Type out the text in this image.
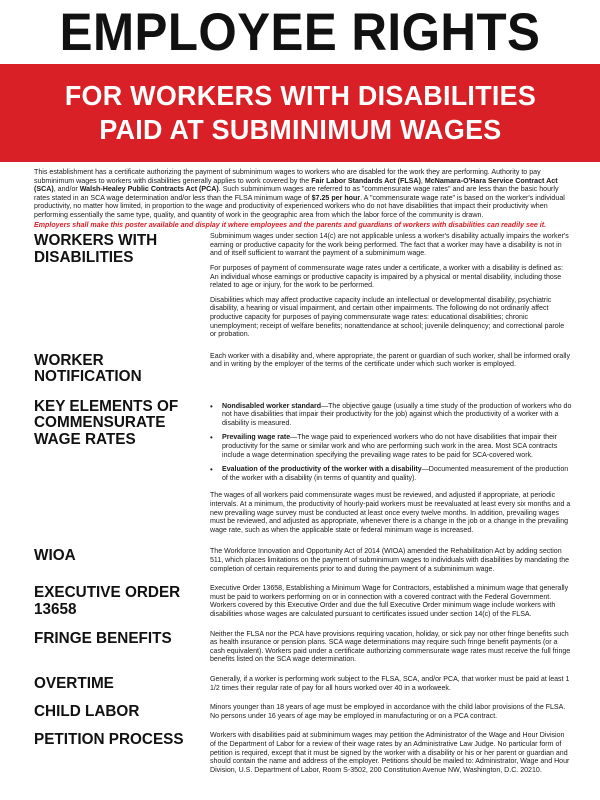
EMPLOYEE RIGHTS
FOR WORKERS WITH DISABILITIES
PAID AT SUBMINIMUM WAGES
This establishment has a certificate authorizing the payment of subminimum wages to workers who are disabled for the work they are performing. Authority to pay subminimum wages to workers with disabilities generally applies to work covered by the Fair Labor Standards Act (FLSA), McNamara-O'Hara Service Contract Act (SCA), and/or Walsh-Healey Public Contracts Act (PCA). Such subminimum wages are referred to as "commensurate wage rates" and are less than the basic hourly rates stated in an SCA wage determination and/or less than the FLSA minimum wage of $7.25 per hour. A "commensurate wage rate" is based on the worker's individual productivity, no matter how limited, in proportion to the wage and productivity of experienced workers who do not have disabilities that impact their productivity when performing essentially the same type, quality, and quantity of work in the geographic area from which the labor force of the community is drawn.
Employers shall make this poster available and display it where employees and the parents and guardians of workers with disabilities can readily see it.
WORKERS WITH DISABILITIES

Subminimum wages under section 14(c) are not applicable unless a worker's disability actually impairs the worker's earning or productive capacity for the work being performed. The fact that a worker may have a disability is not in and of itself sufficient to warrant the payment of a subminimum wage.

For purposes of payment of commensurate wage rates under a certificate, a worker with a disability is defined as: An individual whose earnings or productive capacity is impaired by a physical or mental disability, including those related to age or injury, for the work to be performed.

Disabilities which may affect productive capacity include an intellectual or developmental disability, psychiatric disability, a hearing or visual impairment, and certain other impairments. The following do not ordinarily affect productive capacity for purposes of paying commensurate wage rates: educational disabilities; chronic unemployment; receipt of welfare benefits; nonattendance at school; juvenile delinquency; and correctional parole or probation.

WORKER NOTIFICATION

Each worker with a disability and, where appropriate, the parent or guardian of such worker, shall be informed orally and in writing by the employer of the terms of the certificate under which such worker is employed.

KEY ELEMENTS OF COMMENSURATE WAGE RATES
•	Nondisabled worker standard—The objective gauge (usually a time study of the production of workers who do not have disabilities that impair their productivity for the job) against which the productivity of a worker with a disability is measured.
•	Prevailing wage rate—The wage paid to experienced workers who do not have disabilities that impair their productivity for the same or similar work and who are performing such work in the area. Most SCA contracts include a wage determination specifying the prevailing wage rates to be paid for SCA-covered work.
•	Evaluation of the productivity of the worker with a disability—Documented measurement of the production of the worker with a disability (in terms of quantity and quality).

The wages of all workers paid commensurate wages must be reviewed, and adjusted if appropriate, at periodic intervals. At a minimum, the productivity of hourly-paid workers must be reevaluated at least every six months and a new prevailing wage survey must be conducted at least once every twelve months. In addition, prevailing wages must be reviewed, and adjusted as appropriate, whenever there is a change in the job or a change in the prevailing wage rate, such as when the applicable state or federal minimum wage is increased.

WIOA	The Workforce Innovation and Opportunity Act of 2014 (WIOA) amended the Rehabilitation Act by adding section 511, which places limitations on the payment of subminimum wages to individuals with disabilities by mandating the completion of certain requirements prior to and during the payment of a subminimum wage.

EXECUTIVE ORDER 13658

Executive Order 13658, Establishing a Minimum Wage for Contractors, established a minimum wage that generally must be paid to workers performing on or in connection with a covered contract with the Federal Government. Workers covered by this Executive Order and due the full Executive Order minimum wage include workers with disabilities whose wages are calculated pursuant to certificates issued under section 14(c) of the FLSA.

FRINGE BENEFITS	Neither the FLSA nor the PCA have provisions requiring vacation, holiday, or sick pay nor other fringe benefits such as health insurance or pension plans. SCA wage determinations may require such fringe benefit payments (or a cash equivalent). Workers paid under a certificate authorizing commensurate wage rates must receive the full fringe benefits listed on the SCA wage determination.

OVERTIME	Generally, if a worker is performing work subject to the FLSA, SCA, and/or PCA, that worker must be paid at least 1 1/2 times their regular rate of pay for all hours worked over 40 in a workweek.

CHILD LABOR	Minors younger than 18 years of age must be employed in accordance with the child labor provisions of the FLSA. No persons under 16 years of age may be employed in manufacturing or on a PCA contract.

PETITION PROCESS	Workers with disabilities paid at subminimum wages may petition the Administrator of the Wage and Hour Division of the Department of Labor for a review of their wage rates by an Administrative Law Judge. No particular form of petition is required, except that it must be signed by the worker with a disability or his or her parent or guardian and should contain the name and address of the employer. Petitions should be mailed to: Administrator, Wage and Hour Division, U.S. Department of Labor, Room S-3502, 200 Constitution Avenue NW, Washington, D.C. 20210.
